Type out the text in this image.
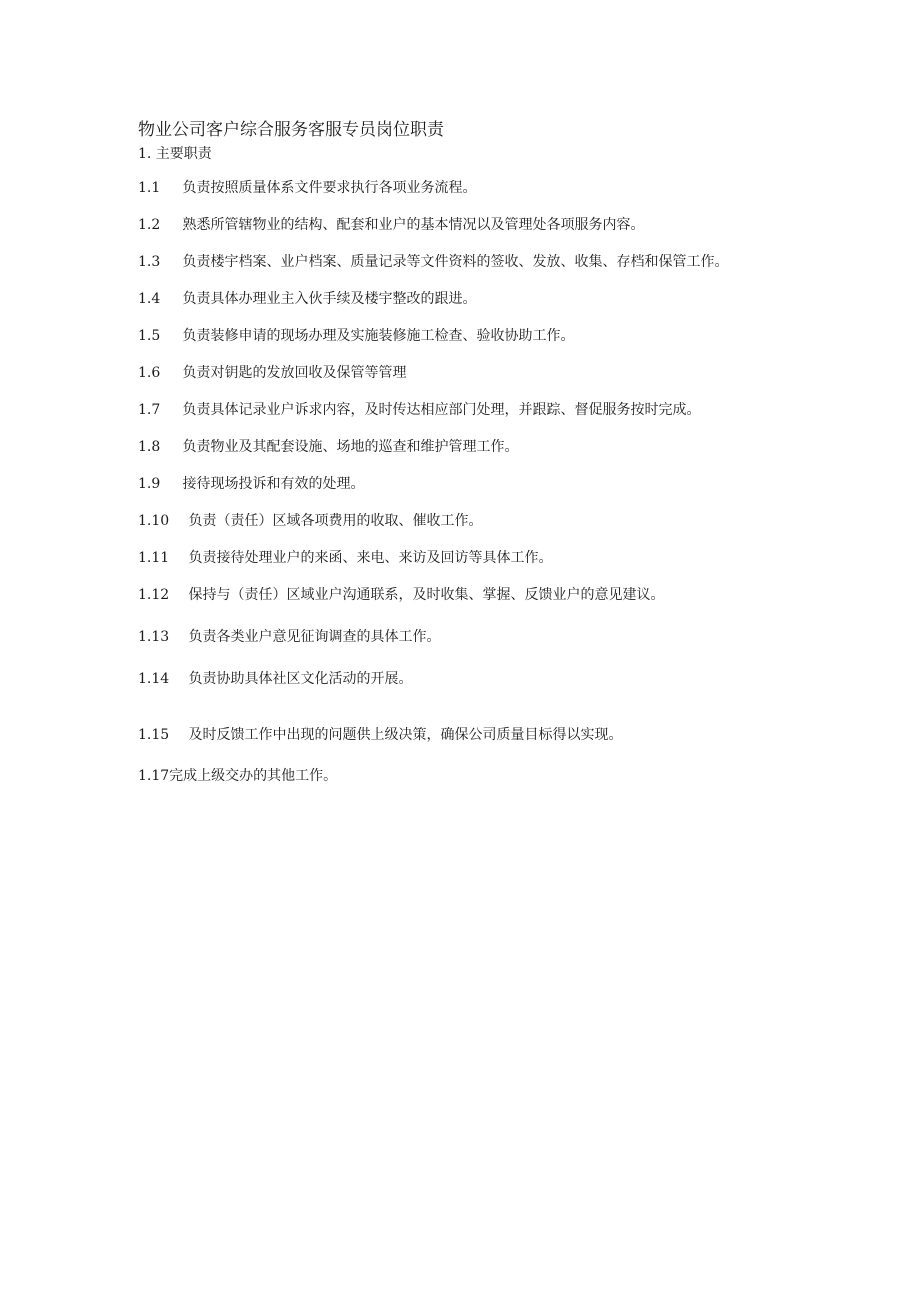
物业公司客户综合服务客服专员岗位职责
1. 主要职责
1.1 负责按照质量体系文件要求执行各项业务流程。
1.2 熟悉所管辖物业的结构、配套和业户的基本情况以及管理处各项服务内容。
1.3 负责楼宇档案、业户档案、质量记录等文件资料的签收、发放、收集、存档和保管工作。
1.4 负责具体办理业主入伙手续及楼宇整改的跟进。
1.5 负责装修申请的现场办理及实施装修施工检查、验收协助工作。
1.6 负责对钥匙的发放回收及保管等管理
1.7 负责具体记录业户诉求内容，及时传达相应部门处理，并跟踪、督促服务按时完成。
1.8 负责物业及其配套设施、场地的巡查和维护管理工作。
1.9 接待现场投诉和有效的处理。
1.10 负责（责任）区域各项费用的收取、催收工作。
1.11 负责接待处理业户的来函、来电、来访及回访等具体工作。
1.12 保持与（责任）区域业户沟通联系，及时收集、掌握、反馈业户的意见建议。
1.13 负责各类业户意见征询调查的具体工作。
1.14 负责协助具体社区文化活动的开展。
1.15 及时反馈工作中出现的问题供上级决策，确保公司质量目标得以实现。
1.17完成上级交办的其他工作。
